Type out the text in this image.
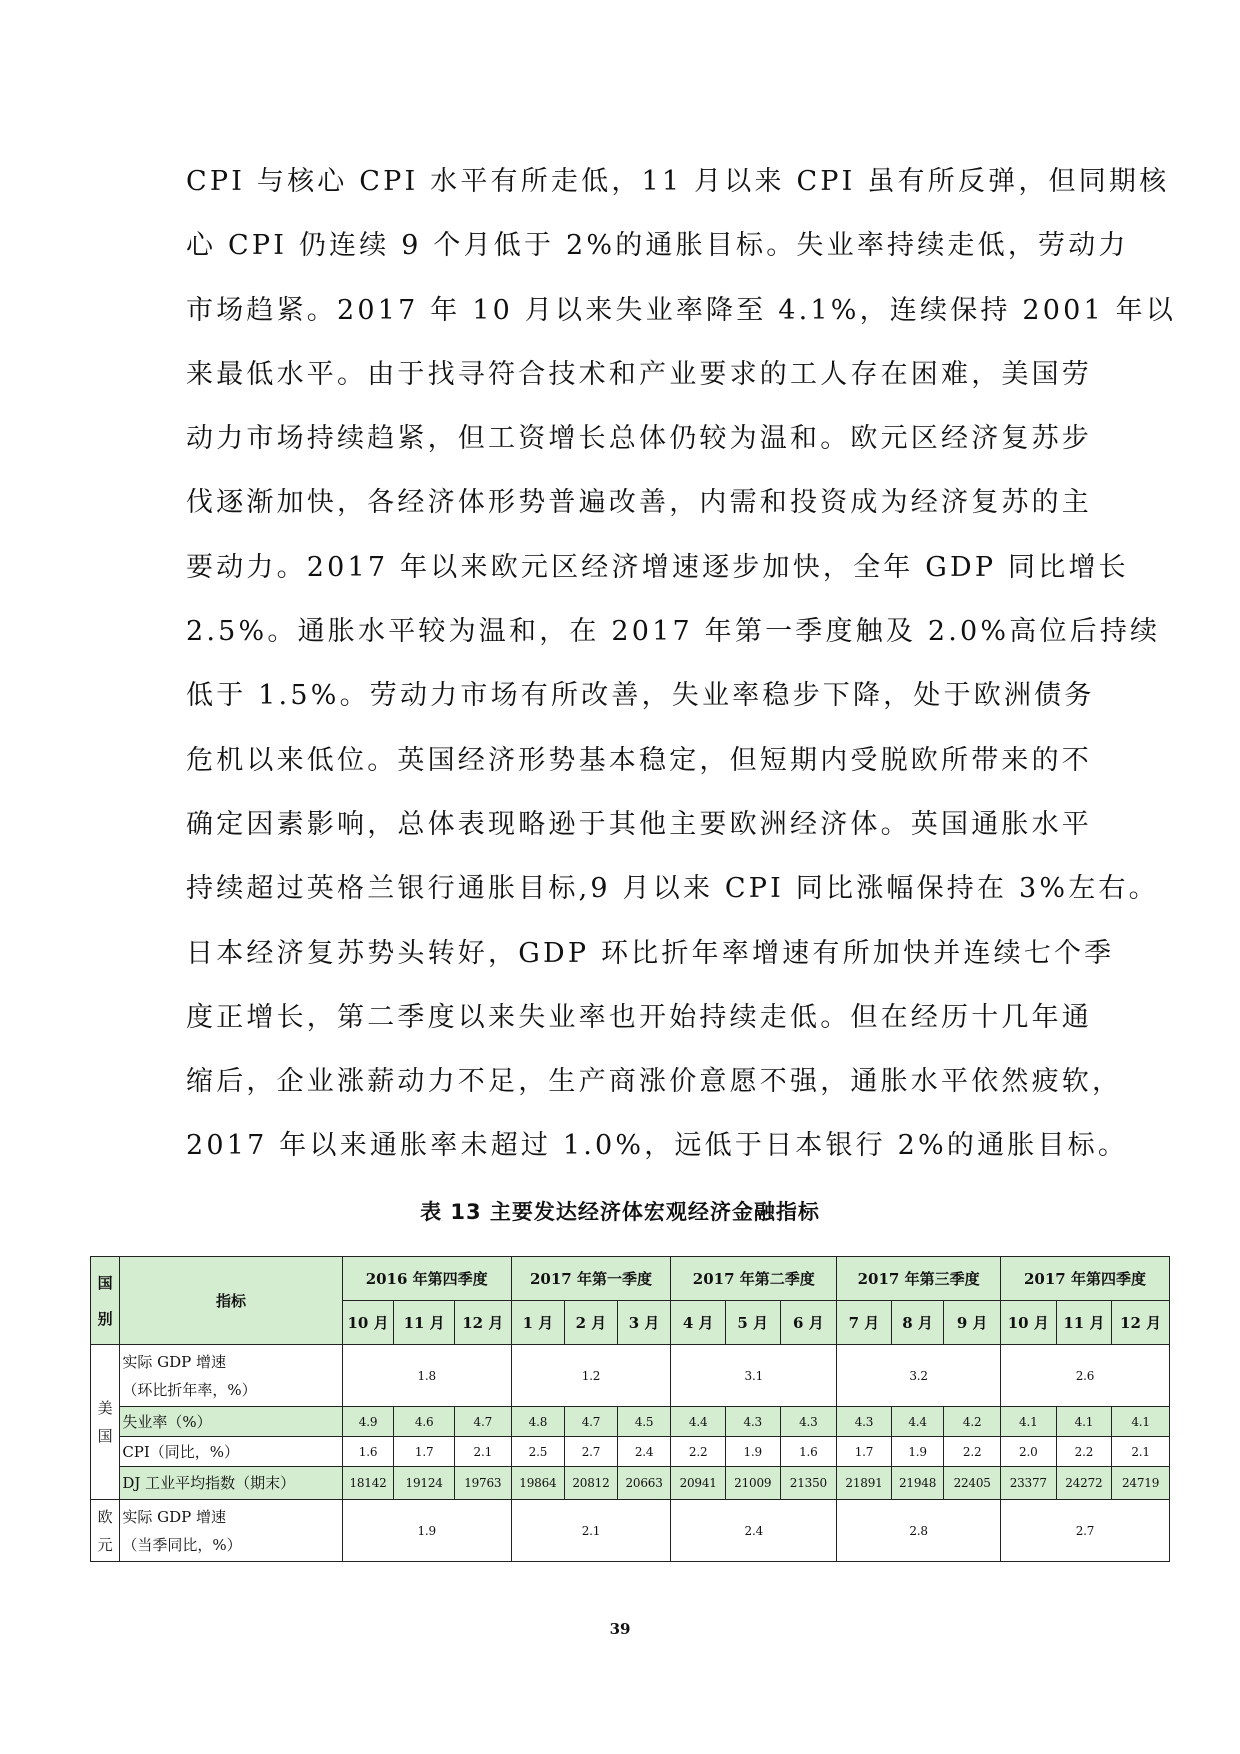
CPI 与核心 CPI 水平有所走低，11 月以来 CPI 虽有所反弹，但同期核
心 CPI 仍连续 9 个月低于 2%的通胀目标。失业率持续走低，劳动力
市场趋紧。2017 年 10 月以来失业率降至 4.1%，连续保持 2001 年以
来最低水平。由于找寻符合技术和产业要求的工人存在困难，美国劳
动力市场持续趋紧，但工资增长总体仍较为温和。欧元区经济复苏步
伐逐渐加快，各经济体形势普遍改善，内需和投资成为经济复苏的主
要动力。2017 年以来欧元区经济增速逐步加快，全年 GDP 同比增长
2.5%。通胀水平较为温和，在 2017 年第一季度触及 2.0%高位后持续
低于 1.5%。劳动力市场有所改善，失业率稳步下降，处于欧洲债务
危机以来低位。英国经济形势基本稳定，但短期内受脱欧所带来的不
确定因素影响，总体表现略逊于其他主要欧洲经济体。英国通胀水平
持续超过英格兰银行通胀目标,9 月以来 CPI 同比涨幅保持在 3%左右。
日本经济复苏势头转好，GDP 环比折年率增速有所加快并连续七个季
度正增长，第二季度以来失业率也开始持续走低。但在经历十几年通
缩后，企业涨薪动力不足，生产商涨价意愿不强，通胀水平依然疲软，
2017 年以来通胀率未超过 1.0%，远低于日本银行 2%的通胀目标。
表 13 主要发达经济体宏观经济金融指标
国别	指标	2016 年第四季度			2017 年第一季度			2017 年第二季度			2017 年第三季度			2017 年第四季度		
		10 月	11 月	12 月	1 月	2 月	3 月	4 月	5 月	6 月	7 月	8 月	9 月	10 月	11 月	12 月
美国	实际 GDP 增速
（环比折年率，%）	1.8			1.2			3.1			3.2			2.6		
	失业率（%）	4.9	4.6	4.7	4.8	4.7	4.5	4.4	4.3	4.3	4.3	4.4	4.2	4.1	4.1	4.1
	CPI（同比，%）	1.6	1.7	2.1	2.5	2.7	2.4	2.2	1.9	1.6	1.7	1.9	2.2	2.0	2.2	2.1
	DJ 工业平均指数（期末）	18142	19124	19763	19864	20812	20663	20941	21009	21350	21891	21948	22405	23377	24272	24719
欧元	实际 GDP 增速
（当季同比，%）	1.9			2.1			2.4			2.8			2.7		
39
